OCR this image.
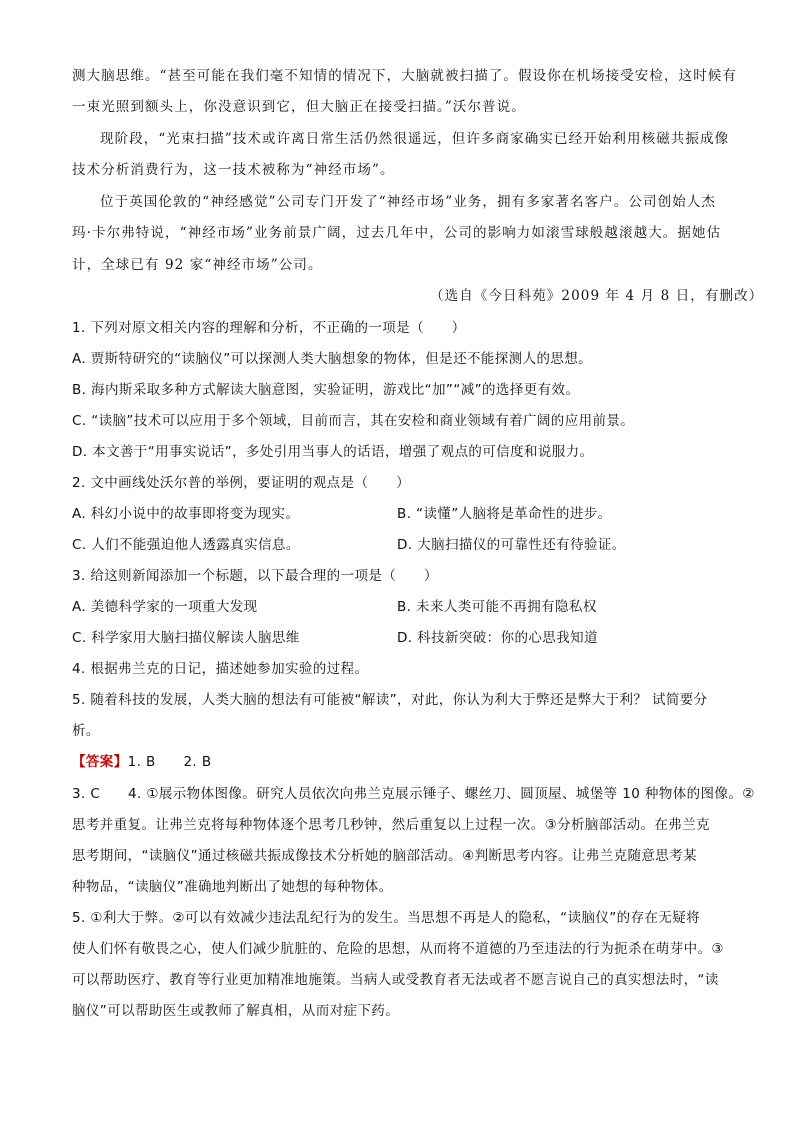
测大脑思维。“甚至可能在我们毫不知情的情况下，大脑就被扫描了。假设你在机场接受安检，这时候有
一束光照到额头上，你没意识到它，但大脑正在接受扫描。”沃尔普说。
现阶段，“光束扫描”技术或许离日常生活仍然很遥远，但许多商家确实已经开始利用核磁共振成像
技术分析消费行为，这一技术被称为“神经市场”。
位于英国伦敦的“神经感觉”公司专门开发了“神经市场”业务，拥有多家著名客户。公司创始人杰
玛·卡尔弗特说，“神经市场”业务前景广阔，过去几年中，公司的影响力如滚雪球般越滚越大。据她估
计，全球已有 92 家“神经市场”公司。
（选自《今日科苑》2009 年 4 月 8 日，有删改）
1. 下列对原文相关内容的理解和分析，不正确的一项是（　　）
A. 贾斯特研究的“读脑仪”可以探测人类大脑想象的物体，但是还不能探测人的思想。
B. 海内斯采取多种方式解读大脑意图，实验证明，游戏比“加”“减”的选择更有效。
C. “读脑”技术可以应用于多个领域，目前而言，其在安检和商业领域有着广阔的应用前景。
D. 本文善于“用事实说话”，多处引用当事人的话语，增强了观点的可信度和说服力。
2. 文中画线处沃尔普的举例，要证明的观点是（　　）
A. 科幻小说中的故事即将变为现实。	B. “读懂”人脑将是革命性的进步。
C. 人们不能强迫他人透露真实信息。	D. 大脑扫描仪的可靠性还有待验证。
3. 给这则新闻添加一个标题，以下最合理的一项是（　　）
A. 美德科学家的一项重大发现	B. 未来人类可能不再拥有隐私权
C. 科学家用大脑扫描仪解读人脑思维	D. 科技新突破：你的心思我知道
4. 根据弗兰克的日记，描述她参加实验的过程。
5. 随着科技的发展，人类大脑的想法有可能被“解读”，对此，你认为利大于弊还是弊大于利？ 试简要分
析。
【答案】1. B　　2. B
3. C　　4. ①展示物体图像。研究人员依次向弗兰克展示锤子、螺丝刀、圆顶屋、城堡等 10 种物体的图像。②
思考并重复。让弗兰克将每种物体逐个思考几秒钟，然后重复以上过程一次。③分析脑部活动。在弗兰克
思考期间，“读脑仪”通过核磁共振成像技术分析她的脑部活动。④判断思考内容。让弗兰克随意思考某
种物品，“读脑仪”准确地判断出了她想的每种物体。
5. ①利大于弊。②可以有效减少违法乱纪行为的发生。当思想不再是人的隐私，“读脑仪”的存在无疑将
使人们怀有敬畏之心，使人们减少肮脏的、危险的思想，从而将不道德的乃至违法的行为扼杀在萌芽中。③
可以帮助医疗、教育等行业更加精准地施策。当病人或受教育者无法或者不愿言说自己的真实想法时，“读
脑仪”可以帮助医生或教师了解真相，从而对症下药。
